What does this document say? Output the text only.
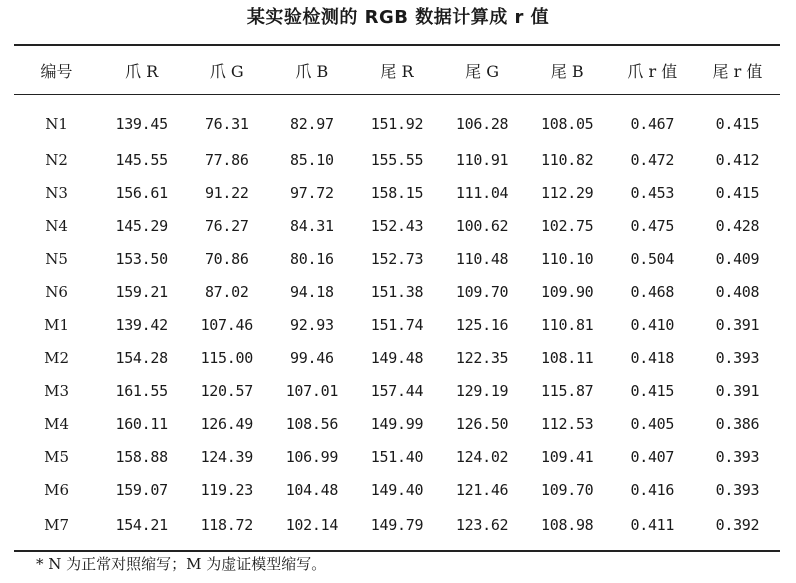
某实验检测的 RGB 数据计算成 r 值
编号	爪 R	爪 G	爪 B	尾 R	尾 G	尾 B	爪 r 值	尾 r 值
N1	139.45	76.31	82.97	151.92	106.28	108.05	0.467	0.415
N2	145.55	77.86	85.10	155.55	110.91	110.82	0.472	0.412
N3	156.61	91.22	97.72	158.15	111.04	112.29	0.453	0.415
N4	145.29	76.27	84.31	152.43	100.62	102.75	0.475	0.428
N5	153.50	70.86	80.16	152.73	110.48	110.10	0.504	0.409
N6	159.21	87.02	94.18	151.38	109.70	109.90	0.468	0.408
M1	139.42	107.46	92.93	151.74	125.16	110.81	0.410	0.391
M2	154.28	115.00	99.46	149.48	122.35	108.11	0.418	0.393
M3	161.55	120.57	107.01	157.44	129.19	115.87	0.415	0.391
M4	160.11	126.49	108.56	149.99	126.50	112.53	0.405	0.386
M5	158.88	124.39	106.99	151.40	124.02	109.41	0.407	0.393
M6	159.07	119.23	104.48	149.40	121.46	109.70	0.416	0.393
M7	154.21	118.72	102.14	149.79	123.62	108.98	0.411	0.392
* N 为正常对照缩写；M 为虚证模型缩写。
